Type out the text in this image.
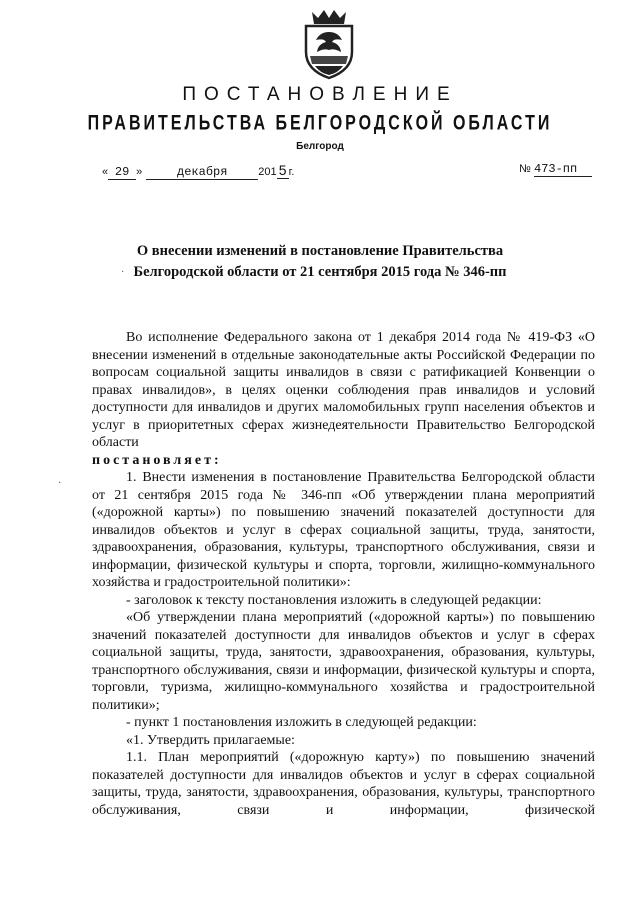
ПОСТАНОВЛЕНИЕ
ПРАВИТЕЛЬСТВА БЕЛГОРОДСКОЙ ОБЛАСТИ
Белгород
« 29 »	декабря	201 5 г.	№ 473-пп
О внесении изменений в постановление Правительства
Белгородской области от 21 сентября 2015 года № 346-пп
·
·

Во исполнение Федерального закона от 1 декабря 2014 года № 419-ФЗ «О внесении изменений в отдельные законодательные акты Российской Федерации по вопросам социальной защиты инвалидов в связи с ратификацией Конвенции о правах инвалидов», в целях оценки соблюдения прав инвалидов и условий доступности для инвалидов и других маломобильных групп населения объектов и услуг в приоритетных сферах жизнедеятельности Правительство Белгородской области

постановляет:

1. Внести изменения в постановление Правительства Белгородской области от 21 сентября 2015 года № 346-пп «Об утверждении плана мероприятий («дорожной карты») по повышению значений показателей доступности для инвалидов объектов и услуг в сферах социальной защиты, труда, занятости, здравоохранения, образования, культуры, транспортного обслуживания, связи и информации, физической культуры и спорта, торговли, жилищно-коммунального хозяйства и градостроительной политики»:

- заголовок к тексту постановления изложить в следующей редакции:

«Об утверждении плана мероприятий («дорожной карты») по повышению значений показателей доступности для инвалидов объектов и услуг в сферах социальной защиты, труда, занятости, здравоохранения, образования, культуры, транспортного обслуживания, связи и информации, физической культуры и спорта, торговли, туризма, жилищно-коммунального хозяйства и градостроительной политики»;

- пункт 1 постановления изложить в следующей редакции:

«1. Утвердить прилагаемые:

1.1. План мероприятий («дорожную карту») по повышению значений показателей доступности для инвалидов объектов и услуг в сферах социальной защиты, труда, занятости, здравоохранения, образования, культуры, транспортного обслуживания, связи и информации, физической
